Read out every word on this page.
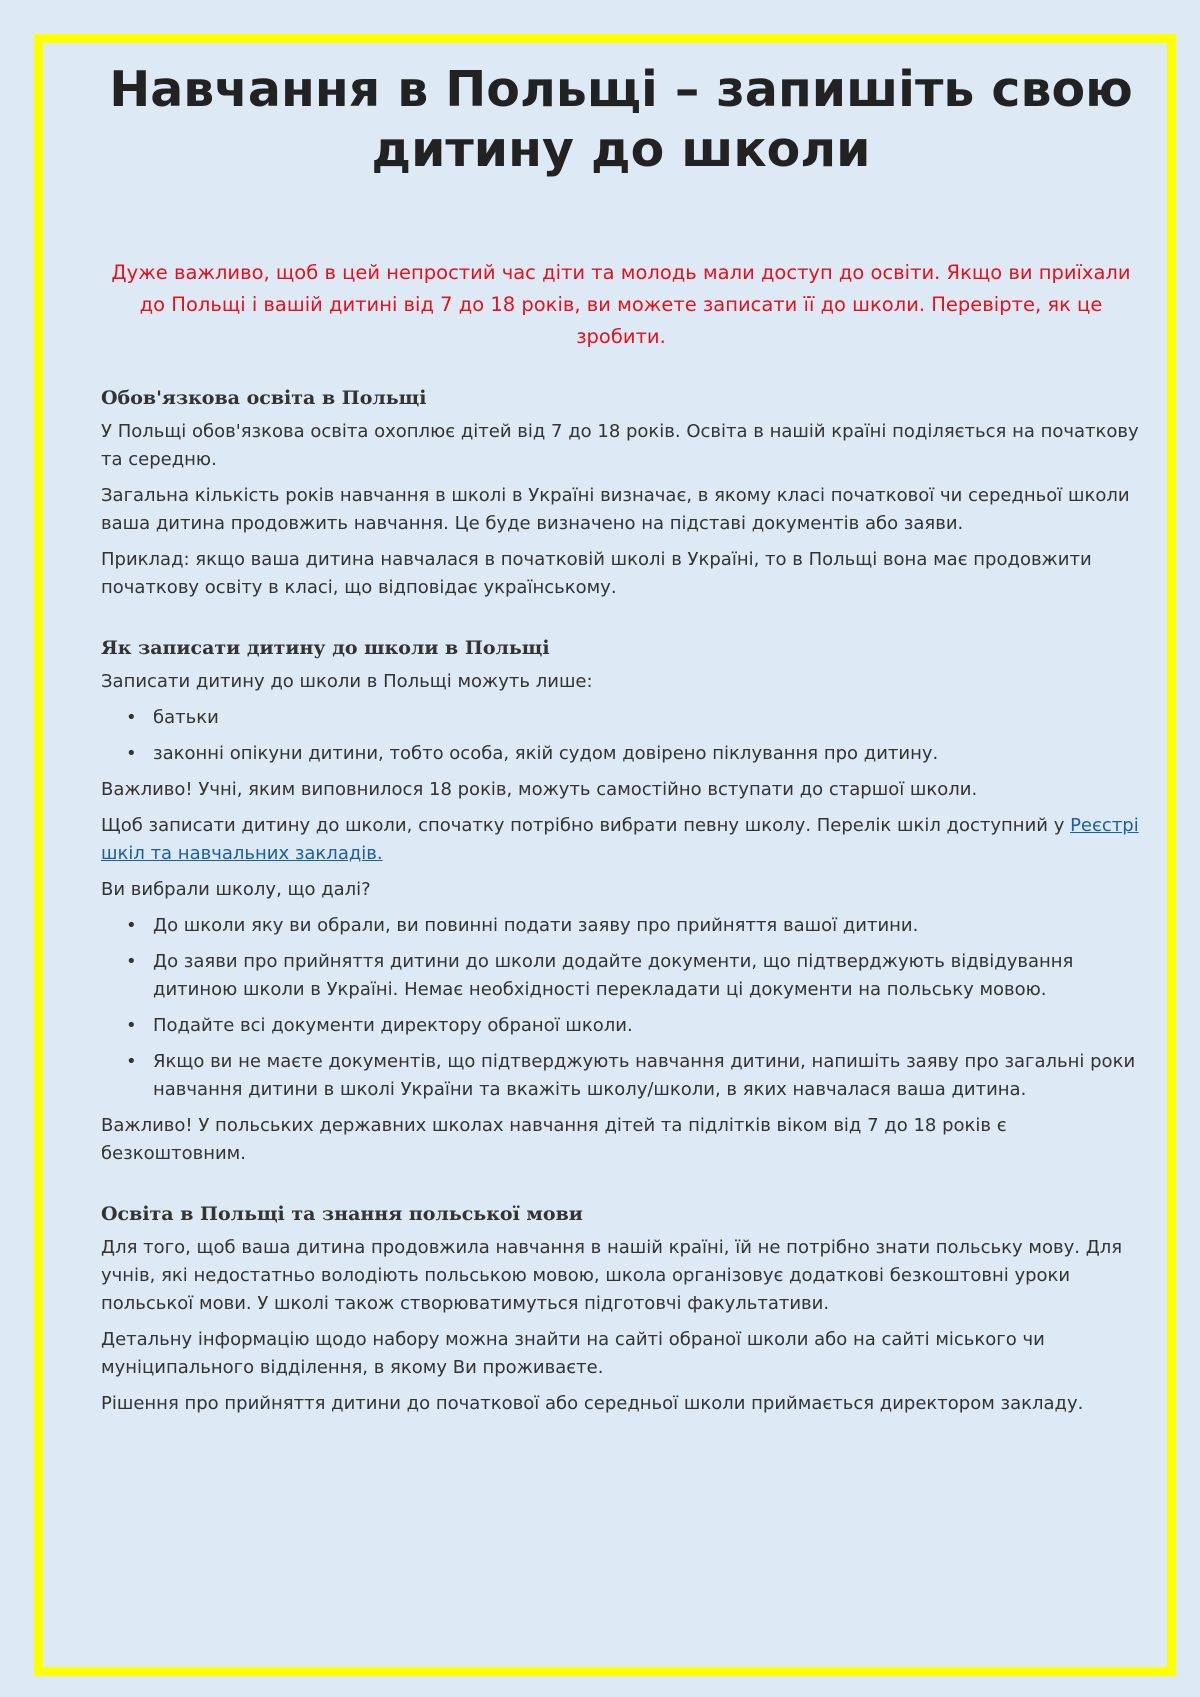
Навчання в Польщі – запишіть свою дитину до школи

Дуже важливо, щоб в цей непростий час діти та молодь мали доступ до освіти. Якщо ви приїхали до Польщі і вашій дитині від 7 до 18 років, ви можете записати її до школи. Перевірте, як це зробити.

Обов'язкова освіта в Польщі

У Польщі обов'язкова освіта охоплює дітей від 7 до 18 років. Освіта в нашій країні поділяється на початкову та середню.

Загальна кількість років навчання в школі в Україні визначає, в якому класі початкової чи середньої школи ваша дитина продовжить навчання. Це буде визначено на підставі документів або заяви.

Приклад: якщо ваша дитина навчалася в початковій школі в Україні, то в Польщі вона має продовжити початкову освіту в класі, що відповідає українському.

Як записати дитину до школи в Польщі

Записати дитину до школи в Польщі можуть лише:

• батьки
• законні опікуни дитини, тобто особа, якій судом довірено піклування про дитину.

Важливо! Учні, яким виповнилося 18 років, можуть самостійно вступати до старшої школи.

Щоб записати дитину до школи, спочатку потрібно вибрати певну школу. Перелік шкіл доступний у Реєстрі шкіл та навчальних закладів.

Ви вибрали школу, що далі?

• До школи яку ви обрали, ви повинні подати заяву про прийняття вашої дитини.
• До заяви про прийняття дитини до школи додайте документи, що підтверджують відвідування дитиною школи в Україні. Немає необхідності перекладати ці документи на польську мовою.
• Подайте всі документи директору обраної школи.
• Якщо ви не маєте документів, що підтверджують навчання дитини, напишіть заяву про загальні роки навчання дитини в школі України та вкажіть школу/школи, в яких навчалася ваша дитина.

Важливо! У польських державних школах навчання дітей та підлітків віком від 7 до 18 років є безкоштовним.

Освіта в Польщі та знання польської мови

Для того, щоб ваша дитина продовжила навчання в нашій країні, їй не потрібно знати польську мову. Для учнів, які недостатньо володіють польською мовою, школа організовує додаткові безкоштовні уроки польської мови. У школі також створюватимуться підготовчі факультативи.

Детальну інформацію щодо набору можна знайти на сайті обраної школи або на сайті міського чи муніципального відділення, в якому Ви проживаєте.

Рішення про прийняття дитини до початкової або середньої школи приймається директором закладу.
